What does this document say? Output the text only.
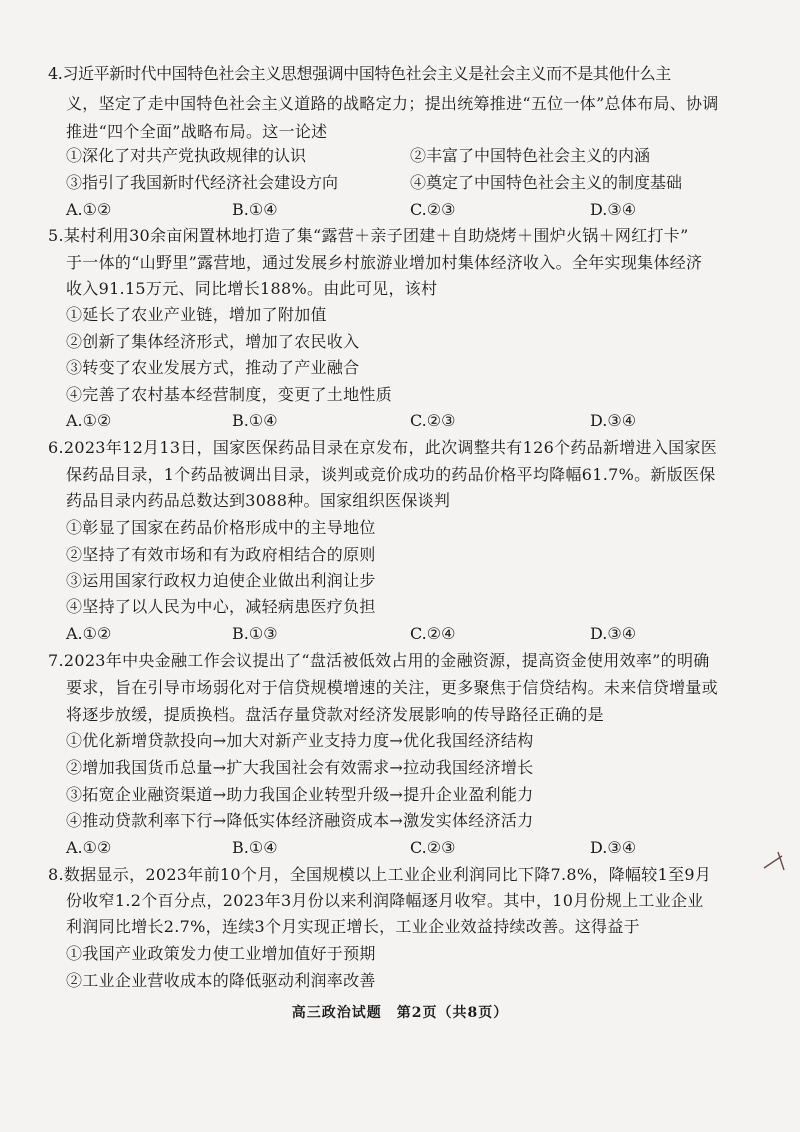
4.习近平新时代中国特色社会主义思想强调中国特色社会主义是社会主义而不是其他什么主
义，坚定了走中国特色社会主义道路的战略定力；提出统筹推进“五位一体”总体布局、协调
推进“四个全面”战略布局。这一论述
①深化了对共产党执政规律的认识	②丰富了中国特色社会主义的内涵
③指引了我国新时代经济社会建设方向	④奠定了中国特色社会主义的制度基础
A.①②	B.①④	C.②③	D.③④
5.某村利用30余亩闲置林地打造了集“露营＋亲子团建＋自助烧烤＋围炉火锅＋网红打卡”
于一体的“山野里”露营地，通过发展乡村旅游业增加村集体经济收入。全年实现集体经济
收入91.15万元、同比增长188%。由此可见，该村
①延长了农业产业链，增加了附加值
②创新了集体经济形式，增加了农民收入
③转变了农业发展方式，推动了产业融合
④完善了农村基本经营制度，变更了土地性质
A.①②	B.①④	C.②③	D.③④
6.2023年12月13日，国家医保药品目录在京发布，此次调整共有126个药品新增进入国家医
保药品目录，1个药品被调出目录，谈判或竞价成功的药品价格平均降幅61.7%。新版医保
药品目录内药品总数达到3088种。国家组织医保谈判
①彰显了国家在药品价格形成中的主导地位
②坚持了有效市场和有为政府相结合的原则
③运用国家行政权力迫使企业做出利润让步
④坚持了以人民为中心，减轻病患医疗负担
A.①②	B.①③	C.②④	D.③④
7.2023年中央金融工作会议提出了“盘活被低效占用的金融资源，提高资金使用效率”的明确
要求，旨在引导市场弱化对于信贷规模增速的关注，更多聚焦于信贷结构。未来信贷增量或
将逐步放缓，提质换档。盘活存量贷款对经济发展影响的传导路径正确的是
①优化新增贷款投向→加大对新产业支持力度→优化我国经济结构
②增加我国货币总量→扩大我国社会有效需求→拉动我国经济增长
③拓宽企业融资渠道→助力我国企业转型升级→提升企业盈利能力
④推动贷款利率下行→降低实体经济融资成本→激发实体经济活力
A.①②	B.①④	C.②③	D.③④
8.数据显示，2023年前10个月，全国规模以上工业企业利润同比下降7.8%，降幅较1至9月
份收窄1.2个百分点，2023年3月份以来利润降幅逐月收窄。其中，10月份规上工业企业
利润同比增长2.7%，连续3个月实现正增长，工业企业效益持续改善。这得益于
①我国产业政策发力使工业增加值好于预期
②工业企业营收成本的降低驱动利润率改善
高三政治试题　第2页（共8页）
